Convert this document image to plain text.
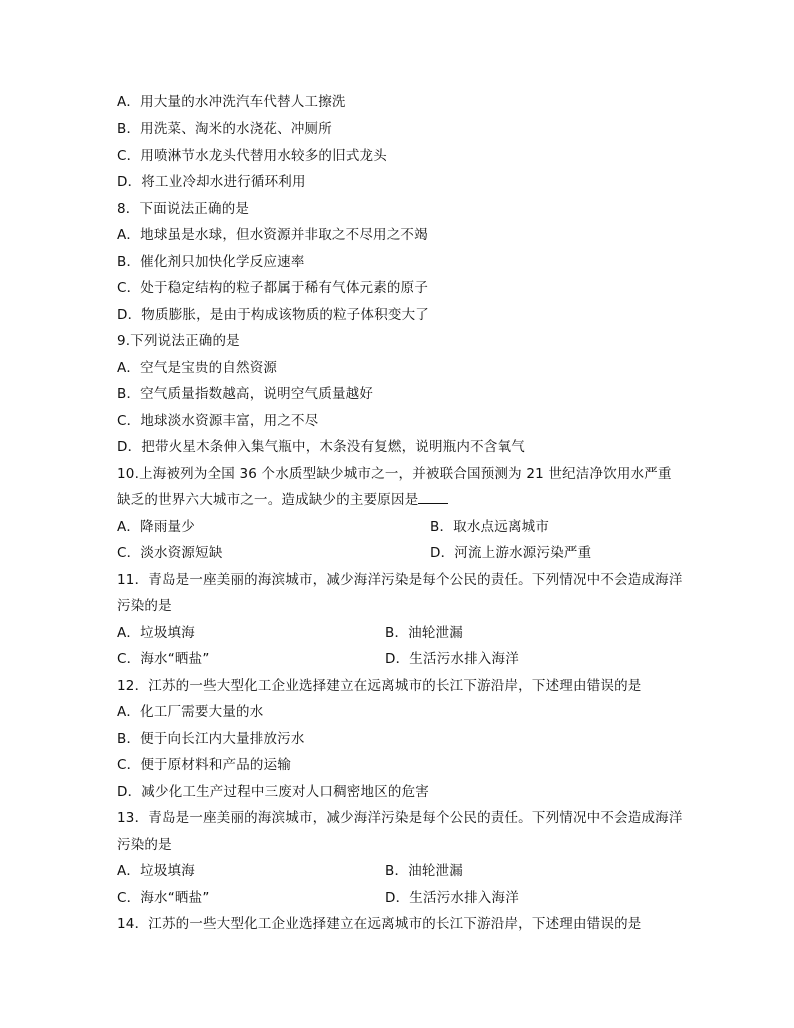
A．用大量的水冲洗汽车代替人工擦洗
B．用洗菜、淘米的水浇花、冲厕所
C．用喷淋节水龙头代替用水较多的旧式龙头
D．将工业冷却水进行循环利用
8．下面说法正确的是
A．地球虽是水球，但水资源并非取之不尽用之不竭
B．催化剂只加快化学反应速率
C．处于稳定结构的粒子都属于稀有气体元素的原子
D．物质膨胀，是由于构成该物质的粒子体积变大了
9.下列说法正确的是
A．空气是宝贵的自然资源
B．空气质量指数越高，说明空气质量越好
C．地球淡水资源丰富，用之不尽
D．把带火星木条伸入集气瓶中，木条没有复燃，说明瓶内不含氧气
10.上海被列为全国 36 个水质型缺少城市之一，并被联合国预测为 21 世纪洁净饮用水严重
缺乏的世界六大城市之一。造成缺少的主要原因是
A．降雨量少	B．取水点远离城市
C．淡水资源短缺	D．河流上游水源污染严重
11．青岛是一座美丽的海滨城市，减少海洋污染是每个公民的责任。下列情况中不会造成海洋
污染的是
A．垃圾填海	B．油轮泄漏
C．海水“晒盐”	D．生活污水排入海洋
12．江苏的一些大型化工企业选择建立在远离城市的长江下游沿岸，下述理由错误的是
A．化工厂需要大量的水
B．便于向长江内大量排放污水
C．便于原材料和产品的运输
D．减少化工生产过程中三废对人口稠密地区的危害
13．青岛是一座美丽的海滨城市，减少海洋污染是每个公民的责任。下列情况中不会造成海洋
污染的是
A．垃圾填海	B．油轮泄漏
C．海水“晒盐”	D．生活污水排入海洋
14．江苏的一些大型化工企业选择建立在远离城市的长江下游沿岸，下述理由错误的是
